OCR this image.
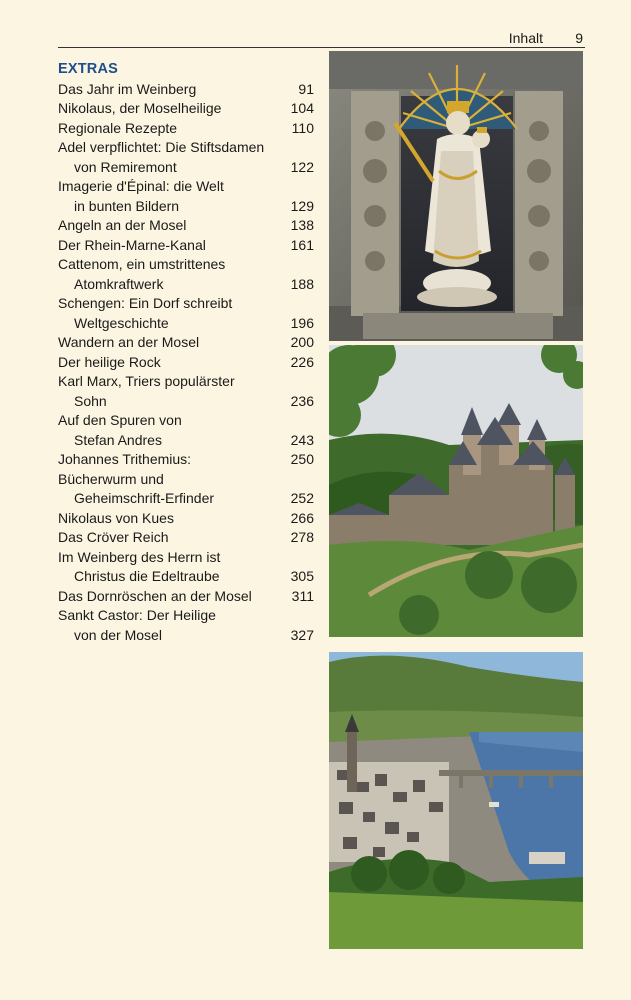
Inhalt 9
EXTRAS
Das Jahr im Weinberg	91
Nikolaus, der Moselheilige	104
Regionale Rezepte	110
Adel verpflichtet: Die Stiftsdamen
von Remiremont	122
Imagerie d'Épinal: die Welt
in bunten Bildern	129
Angeln an der Mosel	138
Der Rhein-Marne-Kanal	161
Cattenom, ein umstrittenes
Atomkraftwerk	188
Schengen: Ein Dorf schreibt
Weltgeschichte	196
Wandern an der Mosel	200
Der heilige Rock	226
Karl Marx, Triers populärster
Sohn	236
Auf den Spuren von
Stefan Andres	243
Johannes Trithemius:	250
Bücherwurm und
Geheimschrift-Erfinder	252
Nikolaus von Kues	266
Das Cröver Reich	278
Im Weinberg des Herrn ist
Christus die Edeltraube	305
Das Dornröschen an der Mosel	311
Sankt Castor: Der Heilige
von der Mosel	327
